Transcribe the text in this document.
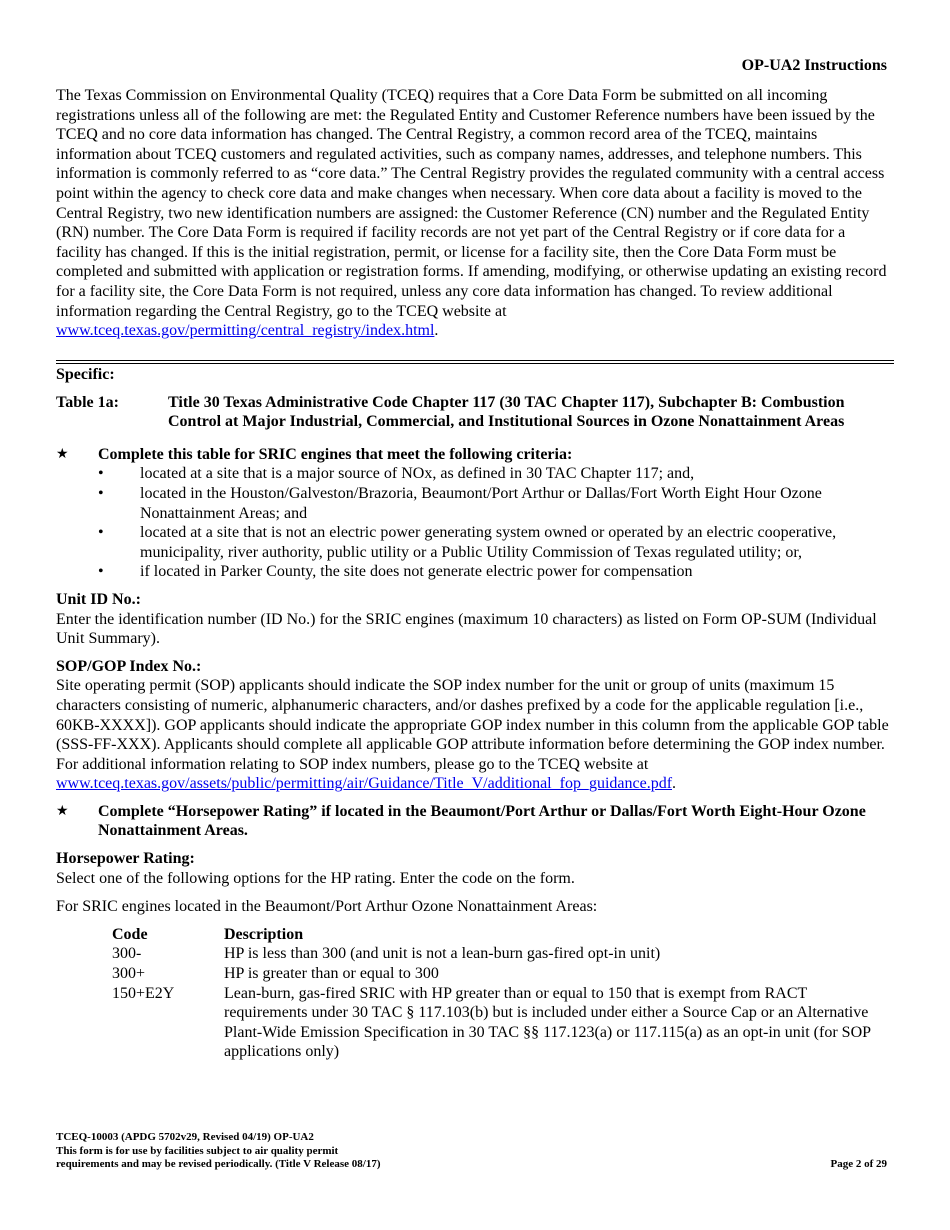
OP-UA2 Instructions

The Texas Commission on Environmental Quality (TCEQ) requires that a Core Data Form be submitted on all incoming registrations unless all of the following are met: the Regulated Entity and Customer Reference numbers have been issued by the TCEQ and no core data information has changed. The Central Registry, a common record area of the TCEQ, maintains information about TCEQ customers and regulated activities, such as company names, addresses, and telephone numbers. This information is commonly referred to as “core data.” The Central Registry provides the regulated community with a central access point within the agency to check core data and make changes when necessary. When core data about a facility is moved to the Central Registry, two new identification numbers are assigned: the Customer Reference (CN) number and the Regulated Entity (RN) number. The Core Data Form is required if facility records are not yet part of the Central Registry or if core data for a facility has changed. If this is the initial registration, permit, or license for a facility site, then the Core Data Form must be completed and submitted with application or registration forms. If amending, modifying, or otherwise updating an existing record for a facility site, the Core Data Form is not required, unless any core data information has changed. To review additional information regarding the Central Registry, go to the TCEQ website at www.tceq.texas.gov/permitting/central_registry/index.html.

Specific:
Table 1a:	Title 30 Texas Administrative Code Chapter 117 (30 TAC Chapter 117), Subchapter B: Combustion Control at Major Industrial, Commercial, and Institutional Sources in Ozone Nonattainment Areas
★	Complete this table for SRIC engines that meet the following criteria:
•	located at a site that is a major source of NOx, as defined in 30 TAC Chapter 117; and,
•	located in the Houston/Galveston/Brazoria, Beaumont/Port Arthur or Dallas/Fort Worth Eight Hour Ozone Nonattainment Areas; and
•	located at a site that is not an electric power generating system owned or operated by an electric cooperative, municipality, river authority, public utility or a Public Utility Commission of Texas regulated utility; or,
•	if located in Parker County, the site does not generate electric power for compensation
Unit ID No.:

Enter the identification number (ID No.) for the SRIC engines (maximum 10 characters) as listed on Form OP-SUM (Individual Unit Summary).

SOP/GOP Index No.:

Site operating permit (SOP) applicants should indicate the SOP index number for the unit or group of units (maximum 15 characters consisting of numeric, alphanumeric characters, and/or dashes prefixed by a code for the applicable regulation [i.e., 60KB-XXXX]). GOP applicants should indicate the appropriate GOP index number in this column from the applicable GOP table (SSS-FF-XXX). Applicants should complete all applicable GOP attribute information before determining the GOP index number. For additional information relating to SOP index numbers, please go to the TCEQ website at www.tceq.texas.gov/assets/public/permitting/air/Guidance/Title_V/additional_fop_guidance.pdf.

★	Complete “Horsepower Rating” if located in the Beaumont/Port Arthur or Dallas/Fort Worth Eight-Hour Ozone Nonattainment Areas.
Horsepower Rating:

Select one of the following options for the HP rating. Enter the code on the form.

For SRIC engines located in the Beaumont/Port Arthur Ozone Nonattainment Areas:

Code	Description
300-	HP is less than 300 (and unit is not a lean-burn gas-fired opt-in unit)
300+	HP is greater than or equal to 300
150+E2Y	Lean-burn, gas-fired SRIC with HP greater than or equal to 150 that is exempt from RACT requirements under 30 TAC § 117.103(b) but is included under either a Source Cap or an Alternative Plant-Wide Emission Specification in 30 TAC §§ 117.123(a) or 117.115(a) as an opt-in unit (for SOP applications only)
TCEQ-10003 (APDG 5702v29, Revised 04/19) OP-UA2
This form is for use by facilities subject to air quality permit
requirements and may be revised periodically. (Title V Release 08/17)	Page 2 of 29
